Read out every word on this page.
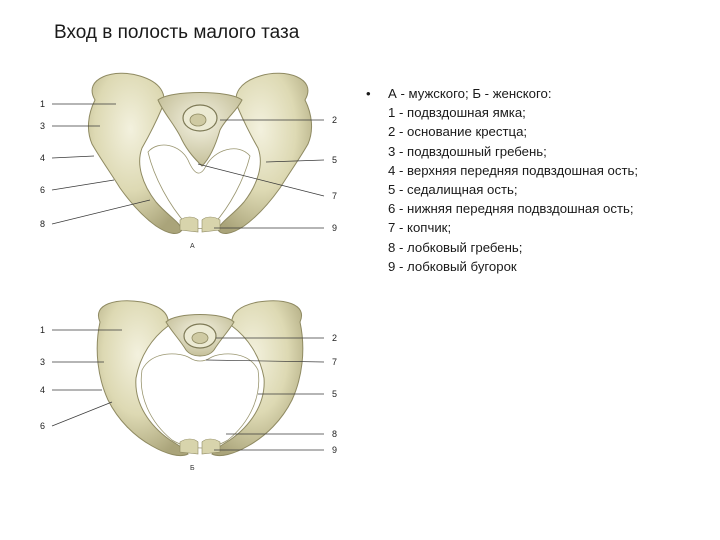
Вход в полость малого таза
1
3
4
6
8
2
5
7
9
А
1
3
4
6
2
7
5
8
9
Б
• А - мужского; Б - женского:
1 - подвздошная ямка;
2 - основание крестца;
3 - подвздошный гребень;
4 - верхняя передняя подвздошная ость;
5 - седалищная ость;
6 - нижняя передняя подвздошная ость;
7 - копчик;
8 - лобковый гребень;
9 - лобковый бугорок
